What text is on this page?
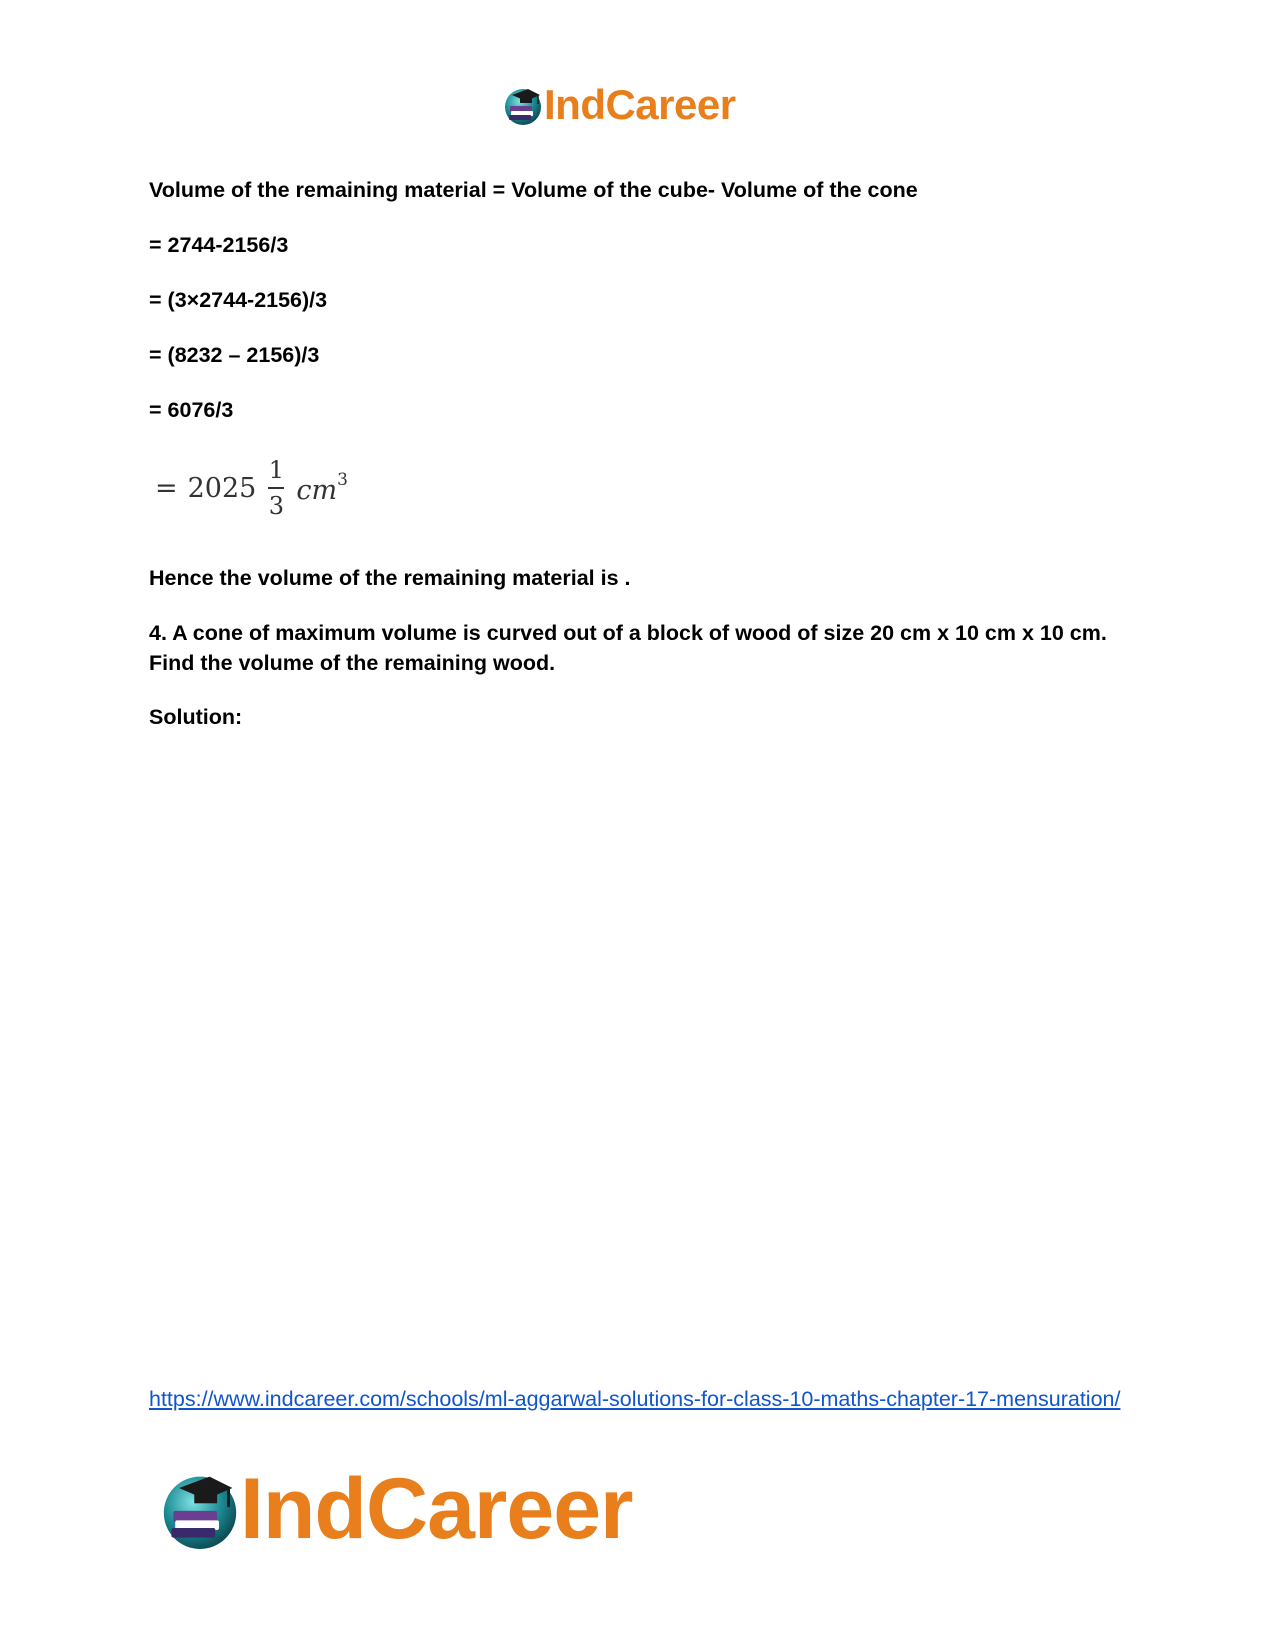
IndCareer

Volume of the remaining material = Volume of the cube- Volume of the cone

= 2744-2156/3

= (3×2744-2156)/3

= (8232 – 2156)/3

= 6076/3

= $2025 \frac{1}{3} cm^3$

Hence the volume of the remaining material is .

4. A cone of maximum volume is curved out of a block of wood of size 20 cm x 10 cm x 10 cm. Find the volume of the remaining wood.

Solution:

https://www.indcareer.com/schools/ml-aggarwal-solutions-for-class-10-maths-chapter-17-mensuration/
IndCareer
